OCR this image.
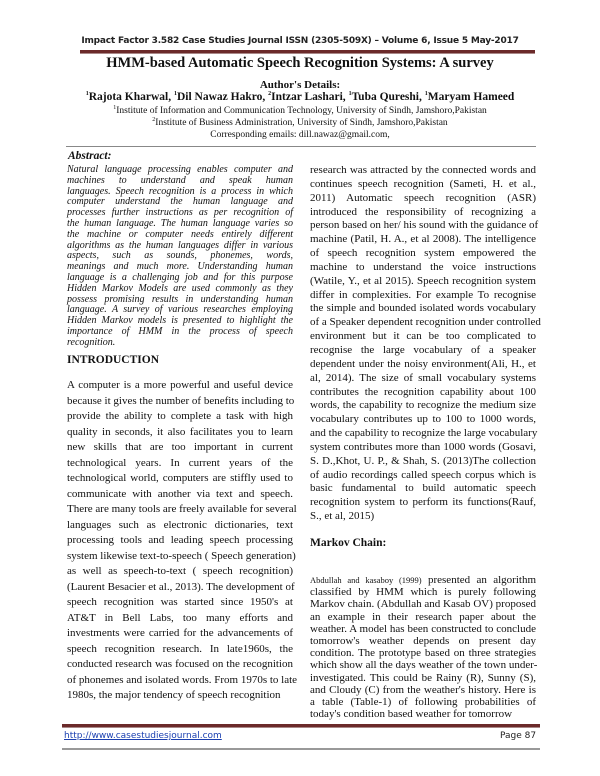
Impact Factor 3.582 Case Studies Journal ISSN (2305-509X) – Volume 6, Issue 5 May-2017
HMM-based Automatic Speech Recognition Systems: A survey
Author's Details:
$^1$Rajota Kharwal, $^1$Dil Nawaz Hakro, $^2$Intzar Lashari, $^1$Tuba Qureshi, $^1$Maryam Hameed
$^1$Institute of Information and Communication Technology, University of Sindh, Jamshoro,Pakistan
$^2$Institute of Business Administration, University of Sindh, Jamshoro,Pakistan
Corresponding emails: dill.nawaz@gmail.com,
Abstract:
Natural language processing enables computer and
machines to understand and speak human
languages. Speech recognition is a process in which
computer understand the human language and
processes further instructions as per recognition of
the human language. The human language varies so
the machine or computer needs entirely different
algorithms as the human languages differ in various
aspects, such as sounds, phonemes, words,
meanings and much more. Understanding human
language is a challenging job and for this purpose
Hidden Markov Models are used commonly as they
possess promising results in understanding human
language. A survey of various researches employing
Hidden Markov models is presented to highlight the
importance of HMM in the process of speech
recognition.
INTRODUCTION
A computer is a more powerful and useful device
because it gives the number of benefits including to
provide the ability to complete a task with high
quality in seconds, it also facilitates you to learn
new skills that are too important in current
technological years. In current years of the
technological world, computers are stiffly used to
communicate with another via text and speech.
There are many tools are freely available for several
languages such as electronic dictionaries, text
processing tools and leading speech processing
system likewise text-to-speech ( Speech generation)
as well as speech-to-text ( speech recognition)
(Laurent Besacier et al., 2013). The development of
speech recognition was started since 1950's at
AT&T in Bell Labs, too many efforts and
investments were carried for the advancements of
speech recognition research. In late1960s, the
conducted research was focused on the recognition
of phonemes and isolated words. From 1970s to late
1980s, the major tendency of speech recognition
research was attracted by the connected words and
continues speech recognition (Sameti, H. et al.,
2011) Automatic speech recognition (ASR)
introduced the responsibility of recognizing a
person based on her/ his sound with the guidance of
machine (Patil, H. A., et al 2008). The intelligence
of speech recognition system empowered the
machine to understand the voice instructions
(Watile, Y., et al 2015). Speech recognition system
differ in complexities. For example To recognise
the simple and bounded isolated words vocabulary
of a Speaker dependent recognition under controlled
environment but it can be too complicated to
recognise the large vocabulary of a speaker
dependent under the noisy environment(Ali, H., et
al, 2014). The size of small vocabulary systems
contributes the recognition capability about 100
words, the capability to recognize the medium size
vocabulary contributes up to 100 to 1000 words,
and the capability to recognize the large vocabulary
system contributes more than 1000 words (Gosavi,
S. D.,Khot, U. P., & Shah, S. (2013)The collection
of audio recordings called speech corpus which is
basic fundamental to build automatic speech
recognition system to perform its functions(Rauf,
S., et al, 2015)
Markov Chain:
Abdullah and kasaboy (1999) presented an algorithm
classified by HMM which is purely following
Markov chain. (Abdullah and Kasab OV) proposed
an example in their research paper about the
weather. A model has been constructed to conclude
tomorrow's weather depends on present day
condition. The prototype based on three strategies
which show all the days weather of the town under-
investigated. This could be Rainy (R), Sunny (S),
and Cloudy (C) from the weather's history. Here is
a table (Table-1) of following probabilities of
today's condition based weather for tomorrow
http://www.casestudiesjournal.com	Page 87
